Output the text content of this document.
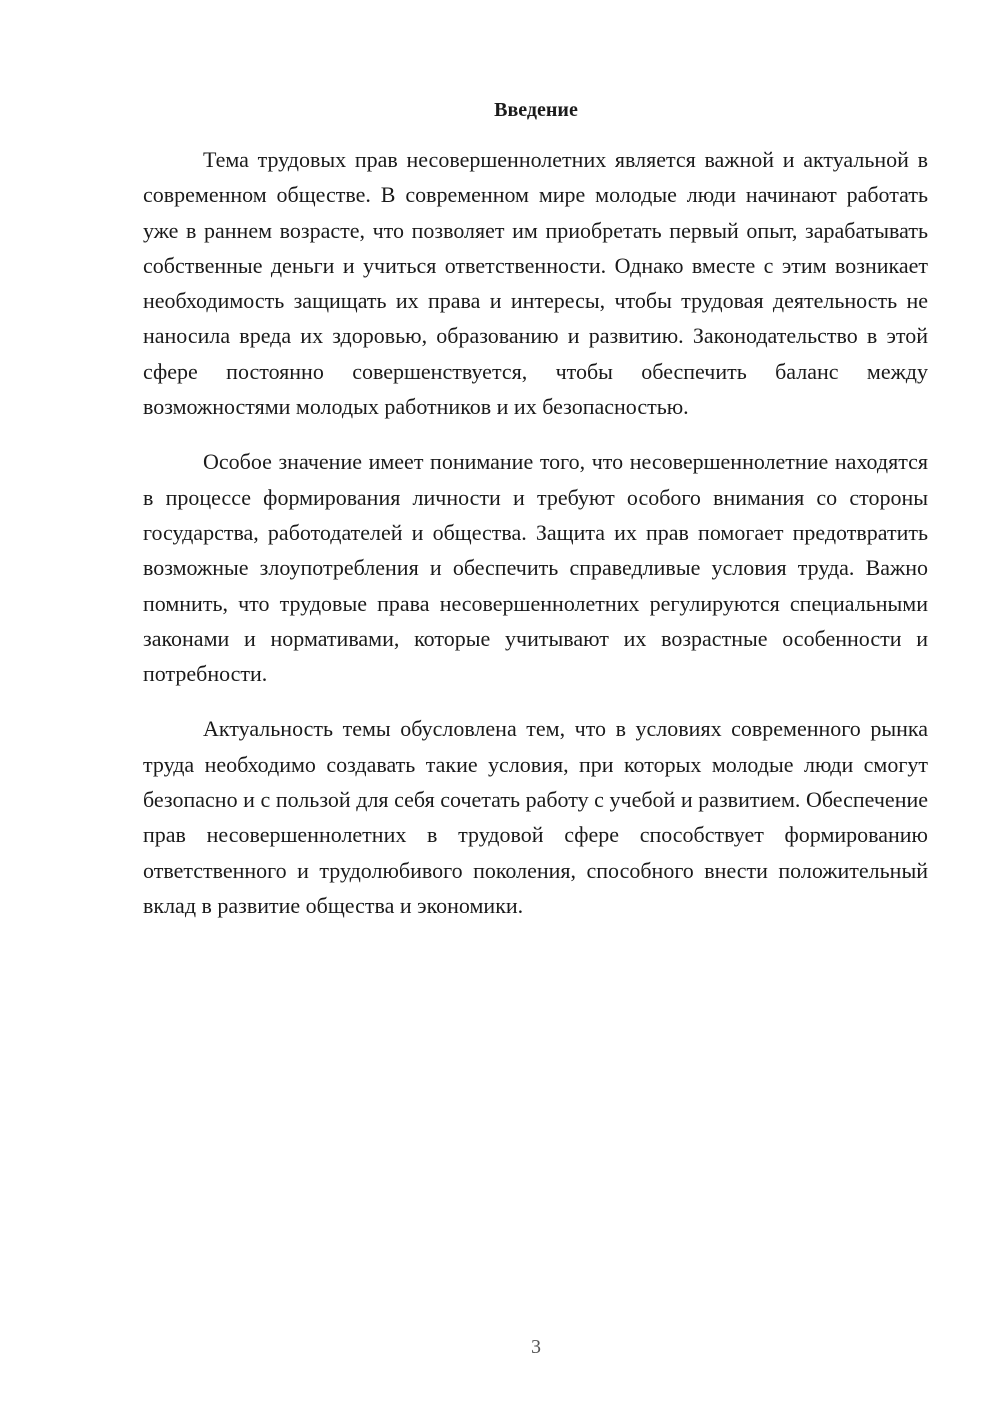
Введение

Тема трудовых прав несовершеннолетних является важной и актуальной в современном обществе. В современном мире молодые люди начинают работать уже в раннем возрасте, что позволяет им приобретать первый опыт, зарабатывать собственные деньги и учиться ответственности. Однако вместе с этим возникает необходимость защищать их права и интересы, чтобы трудовая деятельность не наносила вреда их здоровью, образованию и развитию. Законодательство в этой сфере постоянно совершенствуется, чтобы обеспечить баланс между возможностями молодых работников и их безопасностью.

Особое значение имеет понимание того, что несовершеннолетние находятся в процессе формирования личности и требуют особого внимания со стороны государства, работодателей и общества. Защита их прав помогает предотвратить возможные злоупотребления и обеспечить справедливые условия труда. Важно помнить, что трудовые права несовершеннолетних регулируются специальными законами и нормативами, которые учитывают их возрастные особенности и потребности.

Актуальность темы обусловлена тем, что в условиях современного рынка труда необходимо создавать такие условия, при которых молодые люди смогут безопасно и с пользой для себя сочетать работу с учебой и развитием. Обеспечение прав несовершеннолетних в трудовой сфере способствует формированию ответственного и трудолюбивого поколения, способного внести положительный вклад в развитие общества и экономики.

3
